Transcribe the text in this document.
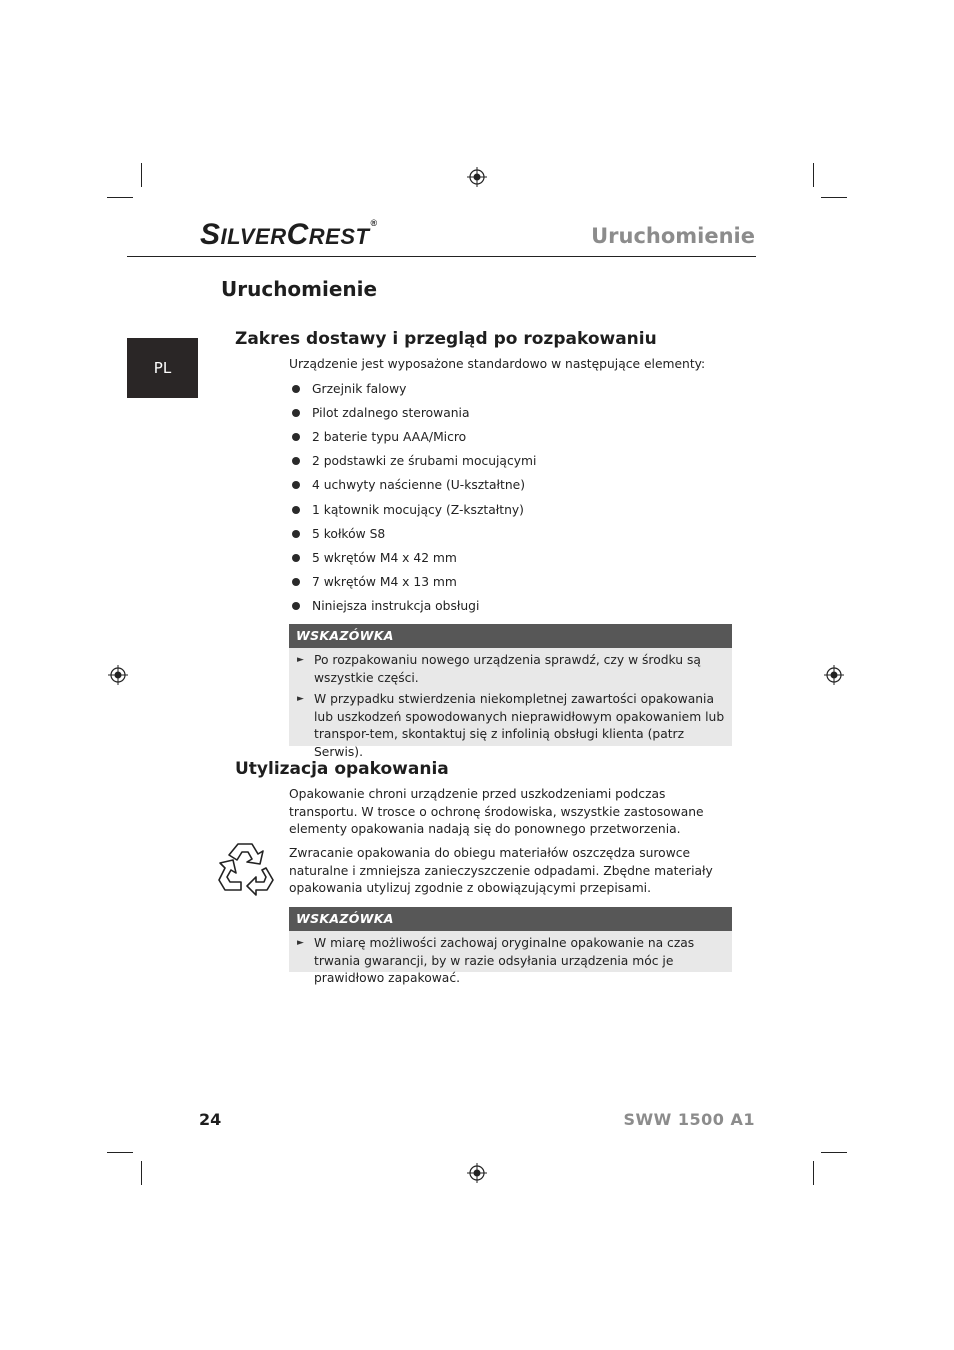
SILVERCREST®
Uruchomienie
Uruchomienie
PL
Zakres dostawy i przegląd po rozpakowaniu
Urządzenie jest wyposażone standardowo w następujące elementy:
Grzejnik falowy
Pilot zdalnego sterowania
2 baterie typu AAA/Micro
2 podstawki ze śrubami mocującymi
4 uchwyty naścienne (U-kształtne)
1 kątownik mocujący (Z-kształtny)
5 kołków S8
5 wkrętów M4 x 42 mm
7 wkrętów M4 x 13 mm
Niniejsza instrukcja obsługi
WSKAZÓWKA
► Po rozpakowaniu nowego urządzenia sprawdź, czy w środku są wszystkie części.
► W przypadku stwierdzenia niekompletnej zawartości opakowania lub uszkodzeń spowodowanych nieprawidłowym opakowaniem lub transpor-tem, skontaktuj się z infolinią obsługi klienta (patrz Serwis).
Utylizacja opakowania
Opakowanie chroni urządzenie przed uszkodzeniami podczas transportu. W trosce o ochronę środowiska, wszystkie zastosowane elementy opakowania nadają się do ponownego przetworzenia.
Zwracanie opakowania do obiegu materiałów oszczędza surowce naturalne i zmniejsza zanieczyszczenie odpadami. Zbędne materiały opakowania utylizuj zgodnie z obowiązującymi przepisami.
WSKAZÓWKA
► W miarę możliwości zachowaj oryginalne opakowanie na czas trwania gwarancji, by w razie odsyłania urządzenia móc je prawidłowo zapakować.
24	SWW 1500 A1
